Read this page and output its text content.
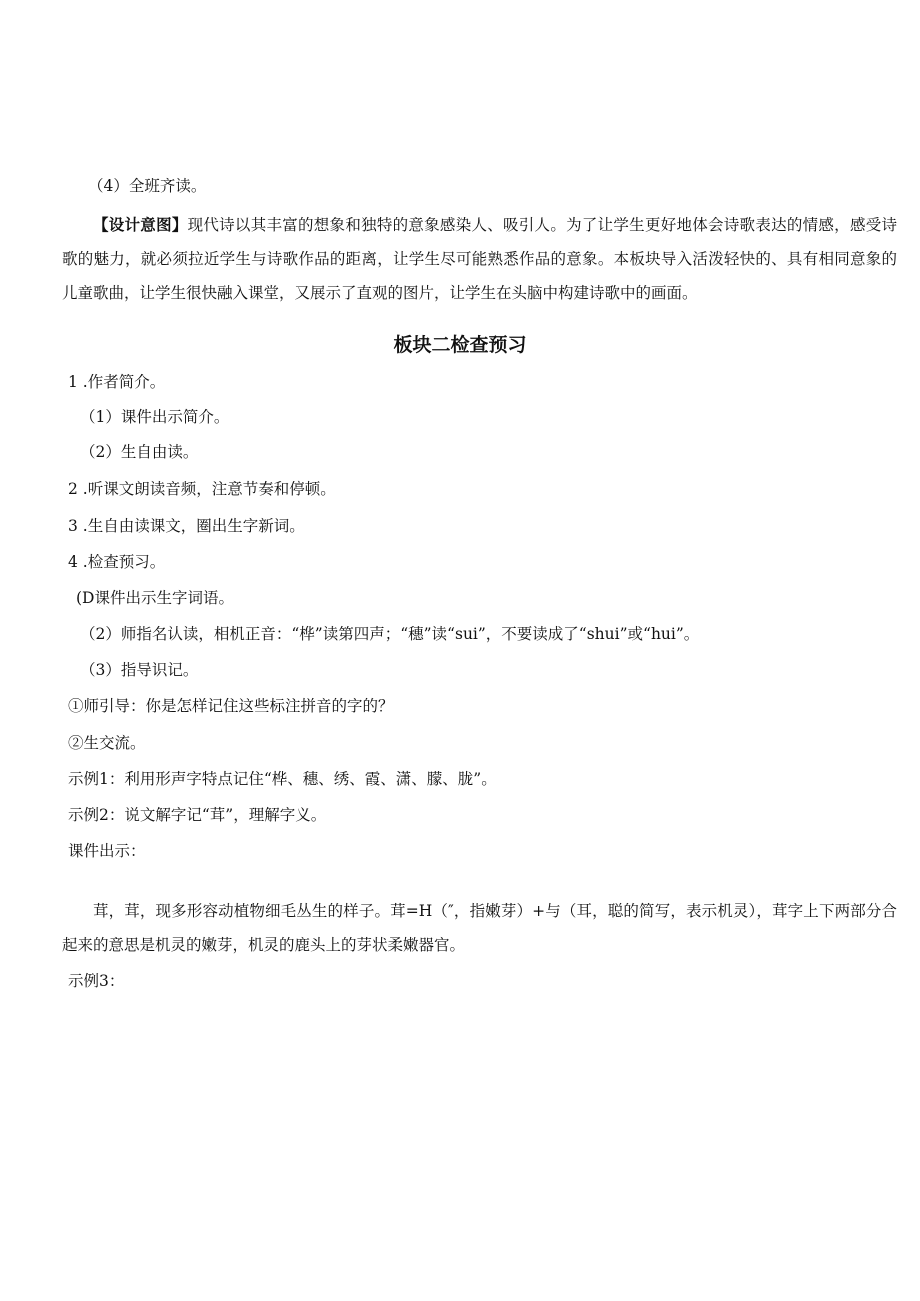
（4）全班齐读。
【设计意图】现代诗以其丰富的想象和独特的意象感染人、吸引人。为了让学生更好地体会诗歌表达的情感，感受诗歌的魅力，就必须拉近学生与诗歌作品的距离，让学生尽可能熟悉作品的意象。本板块导入活泼轻快的、具有相同意象的儿童歌曲，让学生很快融入课堂，又展示了直观的图片，让学生在头脑中构建诗歌中的画面。
板块二检查预习
1 .作者简介。
（1）课件出示简介。
（2）生自由读。
2 .听课文朗读音频，注意节奏和停顿。
3 .生自由读课文，圈出生字新词。
4 .检查预习。
(D课件出示生字词语。
（2）师指名认读，相机正音：“桦”读第四声；“穗”读“sui”，不要读成了“shui”或“hui”。
（3）指导识记。
①师引导：你是怎样记住这些标注拼音的字的？
②生交流。
示例1：利用形声字特点记住“桦、穗、绣、霞、潇、朦、胧”。
示例2：说文解字记“茸”，理解字义。
课件出示：
茸，茸，现多形容动植物细毛丛生的样子。茸=H（″，指嫩芽）+与（耳，聪的简写，表示机灵），茸字上下两部分合起来的意思是机灵的嫩芽，机灵的鹿头上的芽状柔嫩器官。
示例3：
